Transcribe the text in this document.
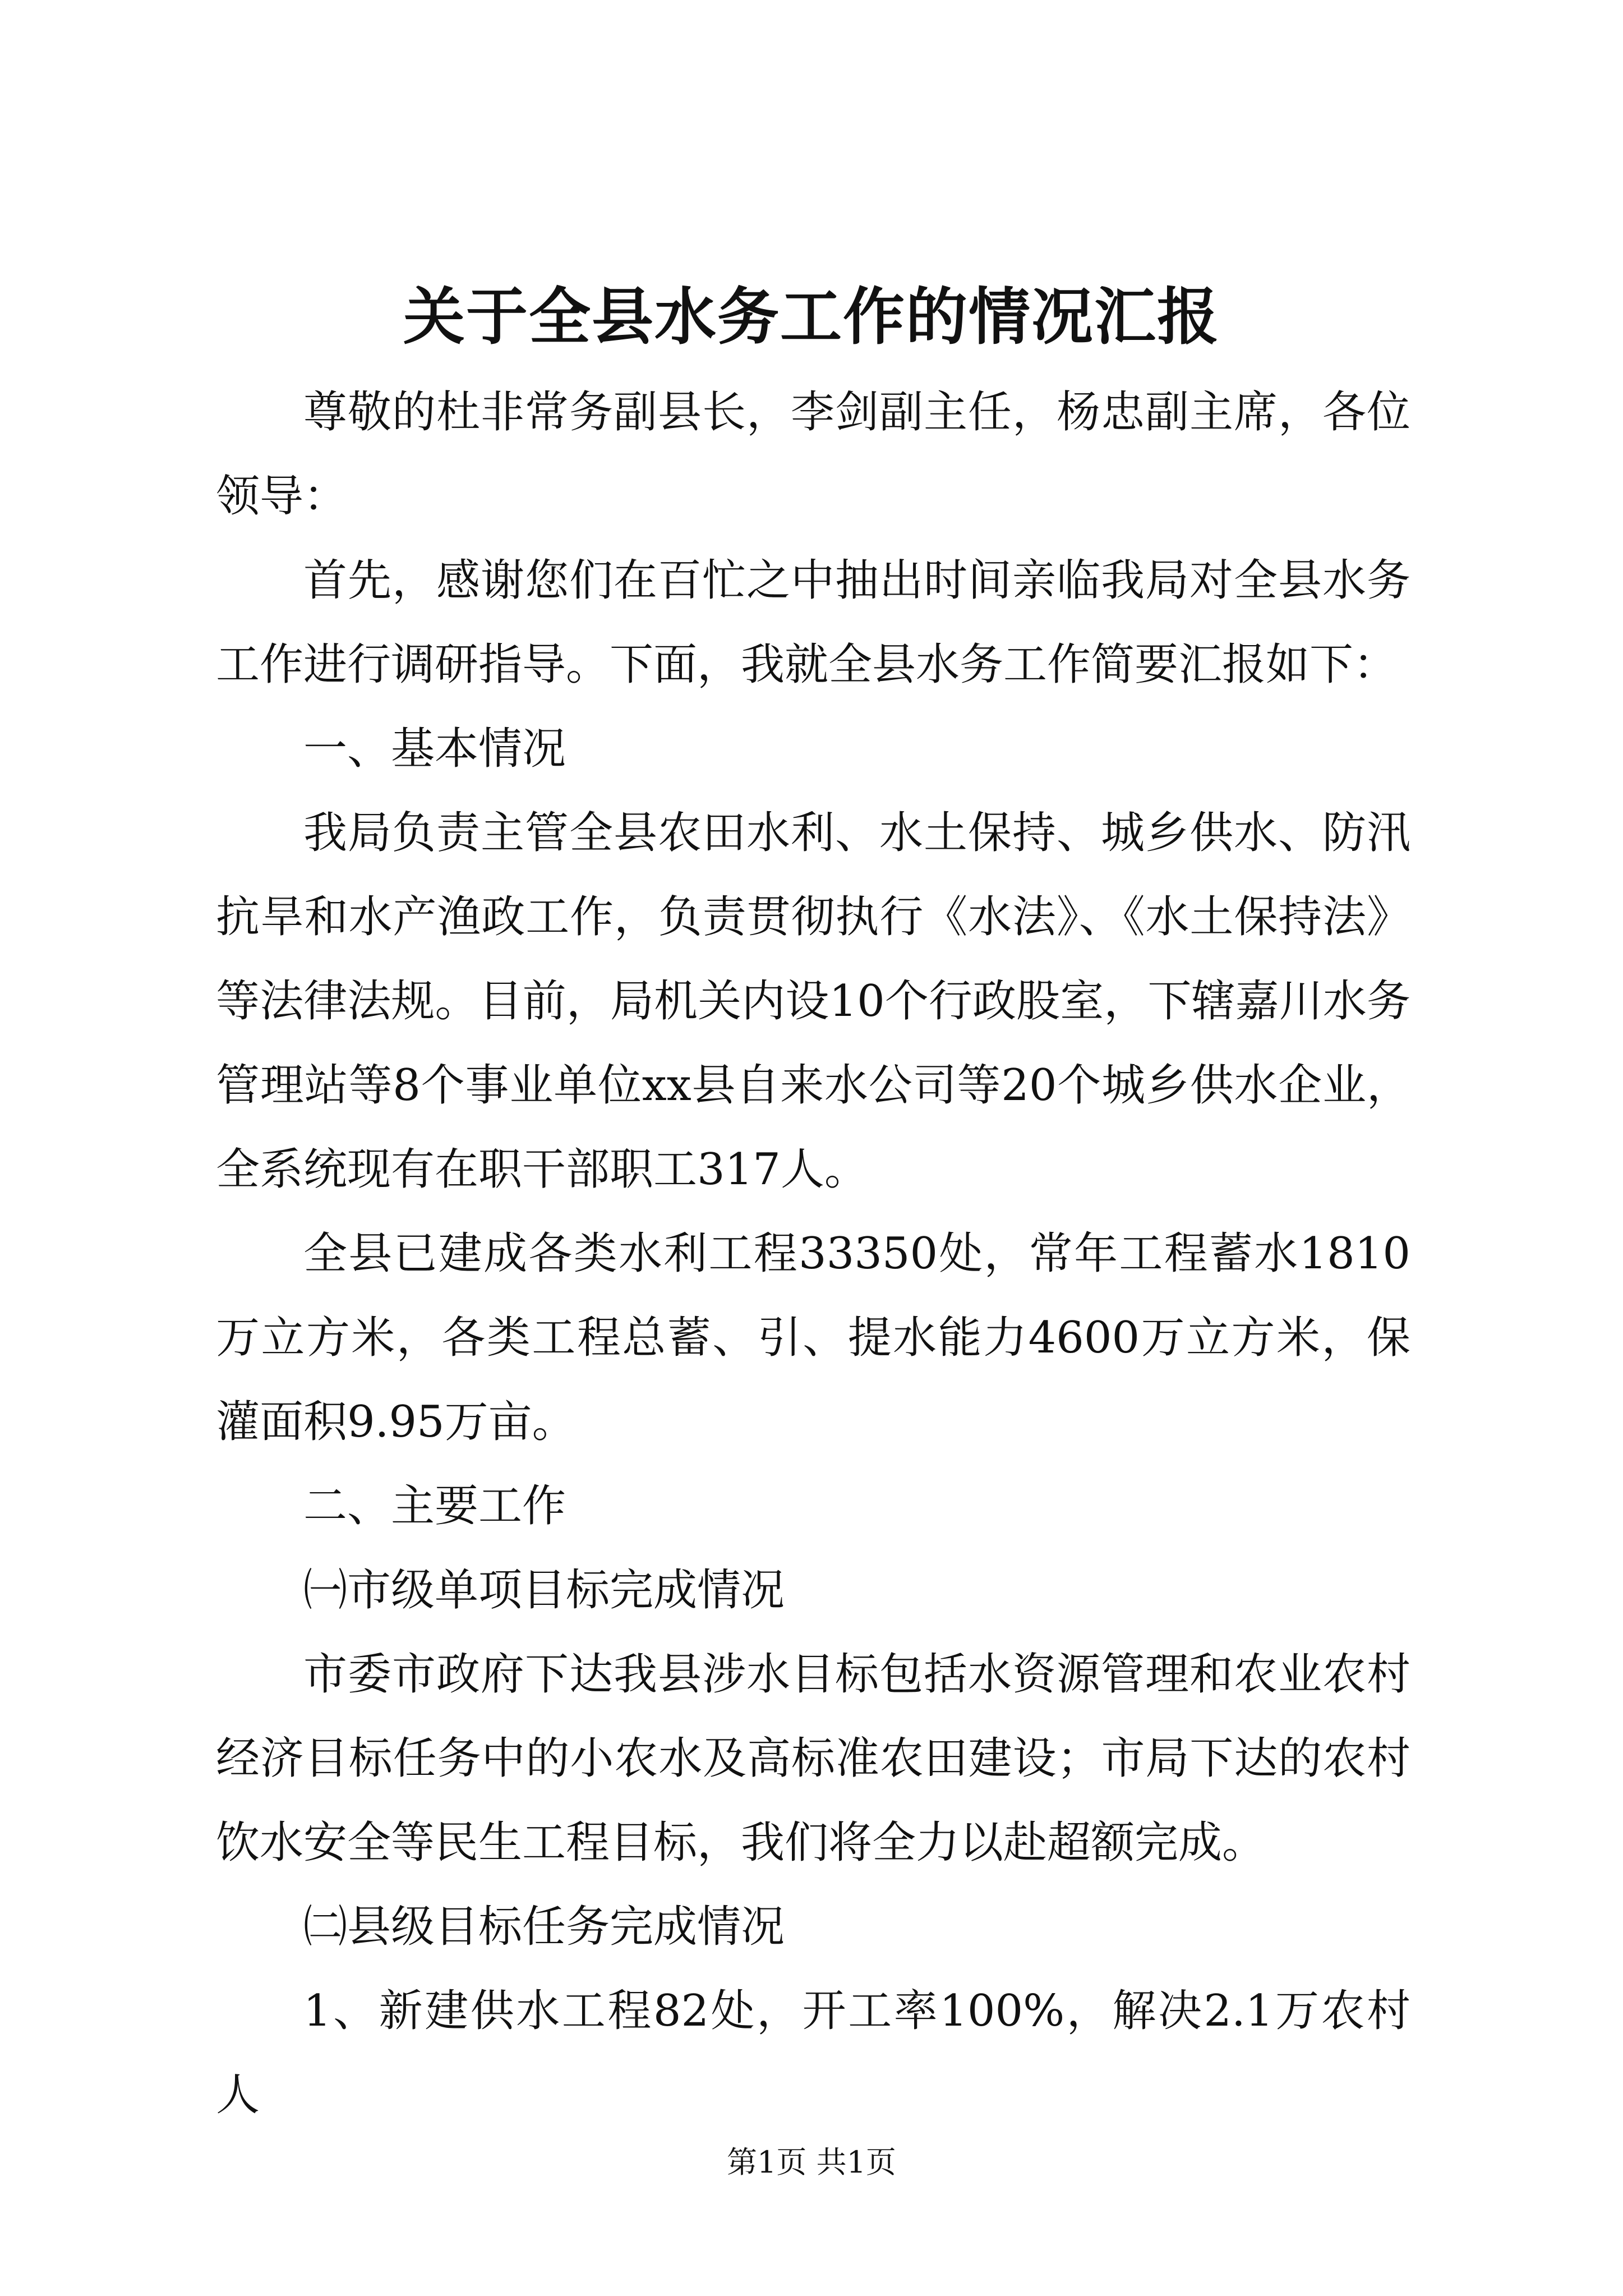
关于全县水务工作的情况汇报

尊敬的杜非常务副县长，李剑副主任，杨忠副主席，各位领导：

首先，感谢您们在百忙之中抽出时间亲临我局对全县水务工作进行调研指导。下面，我就全县水务工作简要汇报如下：

一、基本情况

我局负责主管全县农田水利、水土保持、城乡供水、防汛抗旱和水产渔政工作，负责贯彻执行《水法》、《水土保持法》等法律法规。目前，局机关内设10个行政股室，下辖嘉川水务管理站等8个事业单位xx县自来水公司等20个城乡供水企业，全系统现有在职干部职工317人。

全县已建成各类水利工程33350处，常年工程蓄水1810万立方米，各类工程总蓄、引、提水能力4600万立方米，保灌面积9.95万亩。

二、主要工作

㈠市级单项目标完成情况

市委市政府下达我县涉水目标包括水资源管理和农业农村经济目标任务中的小农水及高标准农田建设；市局下达的农村饮水安全等民生工程目标，我们将全力以赴超额完成。

㈡县级目标任务完成情况

1、新建供水工程82处，开工率100%，解决2.1万农村人

第1页 共1页
